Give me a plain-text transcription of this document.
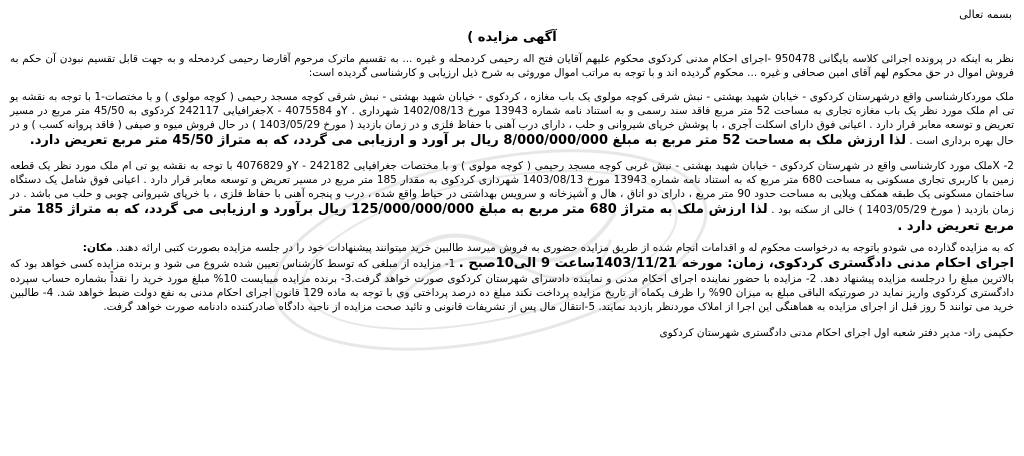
بسمه تعالی
آگهی مزایده )

نظر به اینکه در پرونده اجرائی کلاسه بایگانی 950478 -اجرای احکام مدنی کردکوی محکوم علیهم آقایان فتح اله رحیمی کردمحله و غیره ... به تقسیم ماترک مرحوم آقارضا رحیمی کردمحله و به جهت قابل تقسیم نبودن آن حکم به فروش اموال در حق محکوم لهم آقای امین صحافی و غیره ... محکوم گردیده اند و با توجه به مراتب اموال موروثی به شرح ذیل ارزیابی و کارشناسی گردیده است:

ملک موردکارشناسی واقع درشهرستان کردکوی - خیابان شهید بهشتی - نبش شرقی کوچه مولوی یک باب مغازه ، کردکوی - خیابان شهید بهشتی - نبش شرقی کوچه مسجد رحیمی ( کوچه مولوی ) و با مختصات-1 با توجه به نقشه یو تی ام ملک مورد نظر یک باب مغازه تجاری به مساحت 52 متر مربع فاقد سند رسمی و به استناد نامه شماره 13943 مورخ 1402/08/13 شهرداری . Yو 4075584 - Xجغرافیایی 242117 کردکوی به 45/50 متر مربع در مسیر تعریض و توسعه معابر قرار دارد . اعیانی فوق دارای اسکلت آجری ، با پوشش خرپای شیروانی و حلب ، دارای درب آهنی با حفاظ فلزی و در زمان بازدید ( مورخ 1403/05/29 ) در حال فروش میوه و صیفی ( فاقد پروانه کسب ) و در حال بهره برداری است . لذا ارزش ملک به مساحت 52 متر مربع به مبلغ 8/000/000/000 ریال بر آورد و ارزیابی می گردد، که به متراژ 45/50 متر مربع تعریض دارد.

2- Xملک مورد کارشناسی واقع در شهرستان کردکوی - خیابان شهید بهشتی - نبش غربی کوچه مسجد رحیمی ( کوچه مولوی ) و با مختصات جغرافیایی 242182 - Yو 4076829 با توجه به نقشه یو تی ام ملک مورد نظر یک قطعه زمین با کاربری تجاری مسکونی به مساحت 680 متر مربع که به استناد نامه شماره 13943 مورخ 1403/08/13 شهرداری کردکوی به مقدار 185 متر مربع در مسیر تعریض و توسعه معابر قرار دارد . اعیانی فوق شامل یک دستگاه ساختمان مسکونی یک طبقه همکف ویلایی به مساحت حدود 90 متر مربع ، دارای دو اتاق ، هال و آشپزخانه و سرویس بهداشتی در حیاط واقع شده ، درب و پنجره آهنی با حفاظ فلزی ، با خرپای شیروانی چوبی و حلب می باشد . در زمان بازدید ( مورخ 1403/05/29 ) خالی از سکنه بود . لذا ارزش ملک به متراژ 680 متر مربع به مبلغ 125/000/000/000 ریال برآورد و ارزیابی می گردد، که به متراژ 185 متر مربع تعریض دارد .

که به مزایده گذارده می شودو باتوجه به درخواست محکوم له و اقدامات انجام شده از طریق مزایده حضوری به فروش میرسد طالبین خرید میتوانند پیشنهادات خود را در جلسه مزایده بصورت کتبی ارائه دهند. مکان:

اجرای احکام مدنی دادگستری کردکوی، زمان: مورخه 1403/11/21ساعت 9 الی10صبح . 1- مزایده از مبلغی که توسط کارشناس تعیین شده شروع می شود و برنده مزایده کسی خواهد بود که بالاترین مبلغ را درجلسه مزایده پیشنهاد دهد. 2- مزایده با حضور نماینده اجرای احکام مدنی و نماینده دادسرای شهرستان کردکوی صورت خواهد گرفت.3- برنده مزایده میبایست 10% مبلغ مورد خرید را نقداً بشماره حساب سپرده دادگستری کردکوی واریز نماید در صورتیکه الباقی مبلغ به میزان 90% را ظرف یکماه از تاریخ مزایده پرداخت نکند مبلغ ده درصد پرداختی وی با توجه به ماده 129 قانون اجرای احکام مدنی به نفع دولت ضبط خواهد شد. 4- طالبین خرید می توانند 5 روز قبل از اجرای مزایده به هماهنگی این اجرا از املاک موردنظر بازدید نمایند. 5-انتقال مال پس از تشریفات قانونی و تائید صحت مزایده از ناحیه دادگاه صادرکننده دادنامه صورت خواهد گرفت.

حکیمی راد- مدیر دفتر شعبه اول اجرای احکام مدنی دادگستری شهرستان کردکوی
